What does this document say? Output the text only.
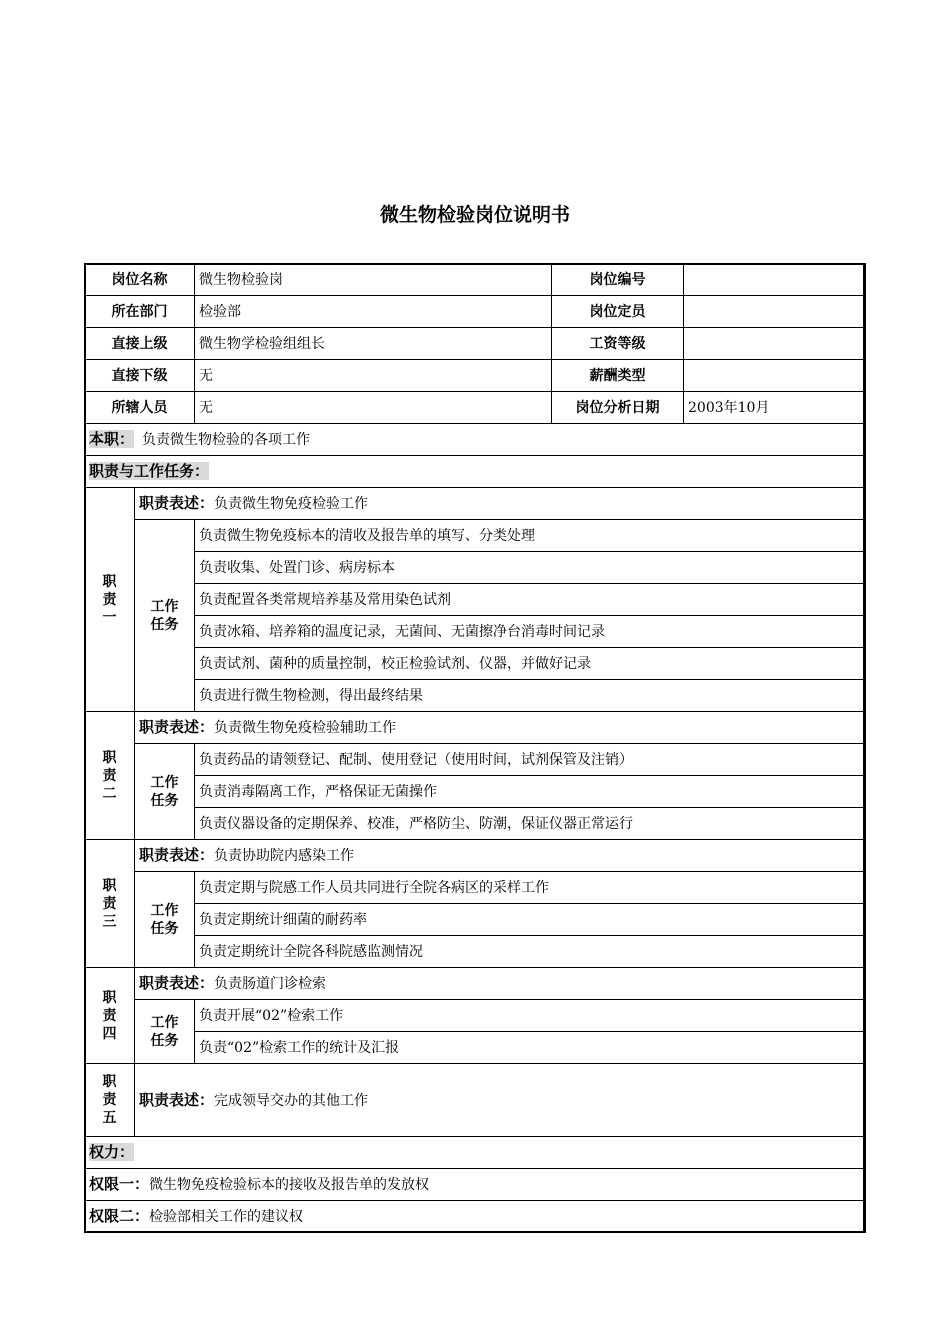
微生物检验岗位说明书
岗位名称		微生物检验岗	岗位编号	
所在部门		检验部	岗位定员	
直接上级		微生物学检验组组长	工资等级	
直接下级		无	薪酬类型	
所辖人员		无	岗位分析日期	2003年10月
本职： 负责微生物检验的各项工作				
职责与工作任务：				

职
责
一	职责表述：负责微生物免疫检验工作			

	工作
任务	负责微生物免疫标本的清收及报告单的填写、分类处理		
		负责收集、处置门诊、病房标本		
		负责配置各类常规培养基及常用染色试剂		
		负责冰箱、培养箱的温度记录，无菌间、无菌擦净台消毒时间记录		
		负责试剂、菌种的质量控制，校正检验试剂、仪器，并做好记录		
		负责进行微生物检测，得出最终结果		

职
责
二	职责表述：负责微生物免疫检验辅助工作			

	工作
任务	负责药品的请领登记、配制、使用登记（使用时间，试剂保管及注销）		
		负责消毒隔离工作，严格保证无菌操作		
		负责仪器设备的定期保养、校准，严格防尘、防潮，保证仪器正常运行		

职
责
三	职责表述：负责协助院内感染工作			

	工作
任务	负责定期与院感工作人员共同进行全院各病区的采样工作		
		负责定期统计细菌的耐药率		
		负责定期统计全院各科院感监测情况		

职
责
四	职责表述：负责肠道门诊检索			

	工作
任务	负责开展“02”检索工作		
		负责“02”检索工作的统计及汇报		

职
责
五	职责表述：完成领导交办的其他工作			
权力：				
权限一：微生物免疫检验标本的接收及报告单的发放权				
权限二：检验部相关工作的建议权				
